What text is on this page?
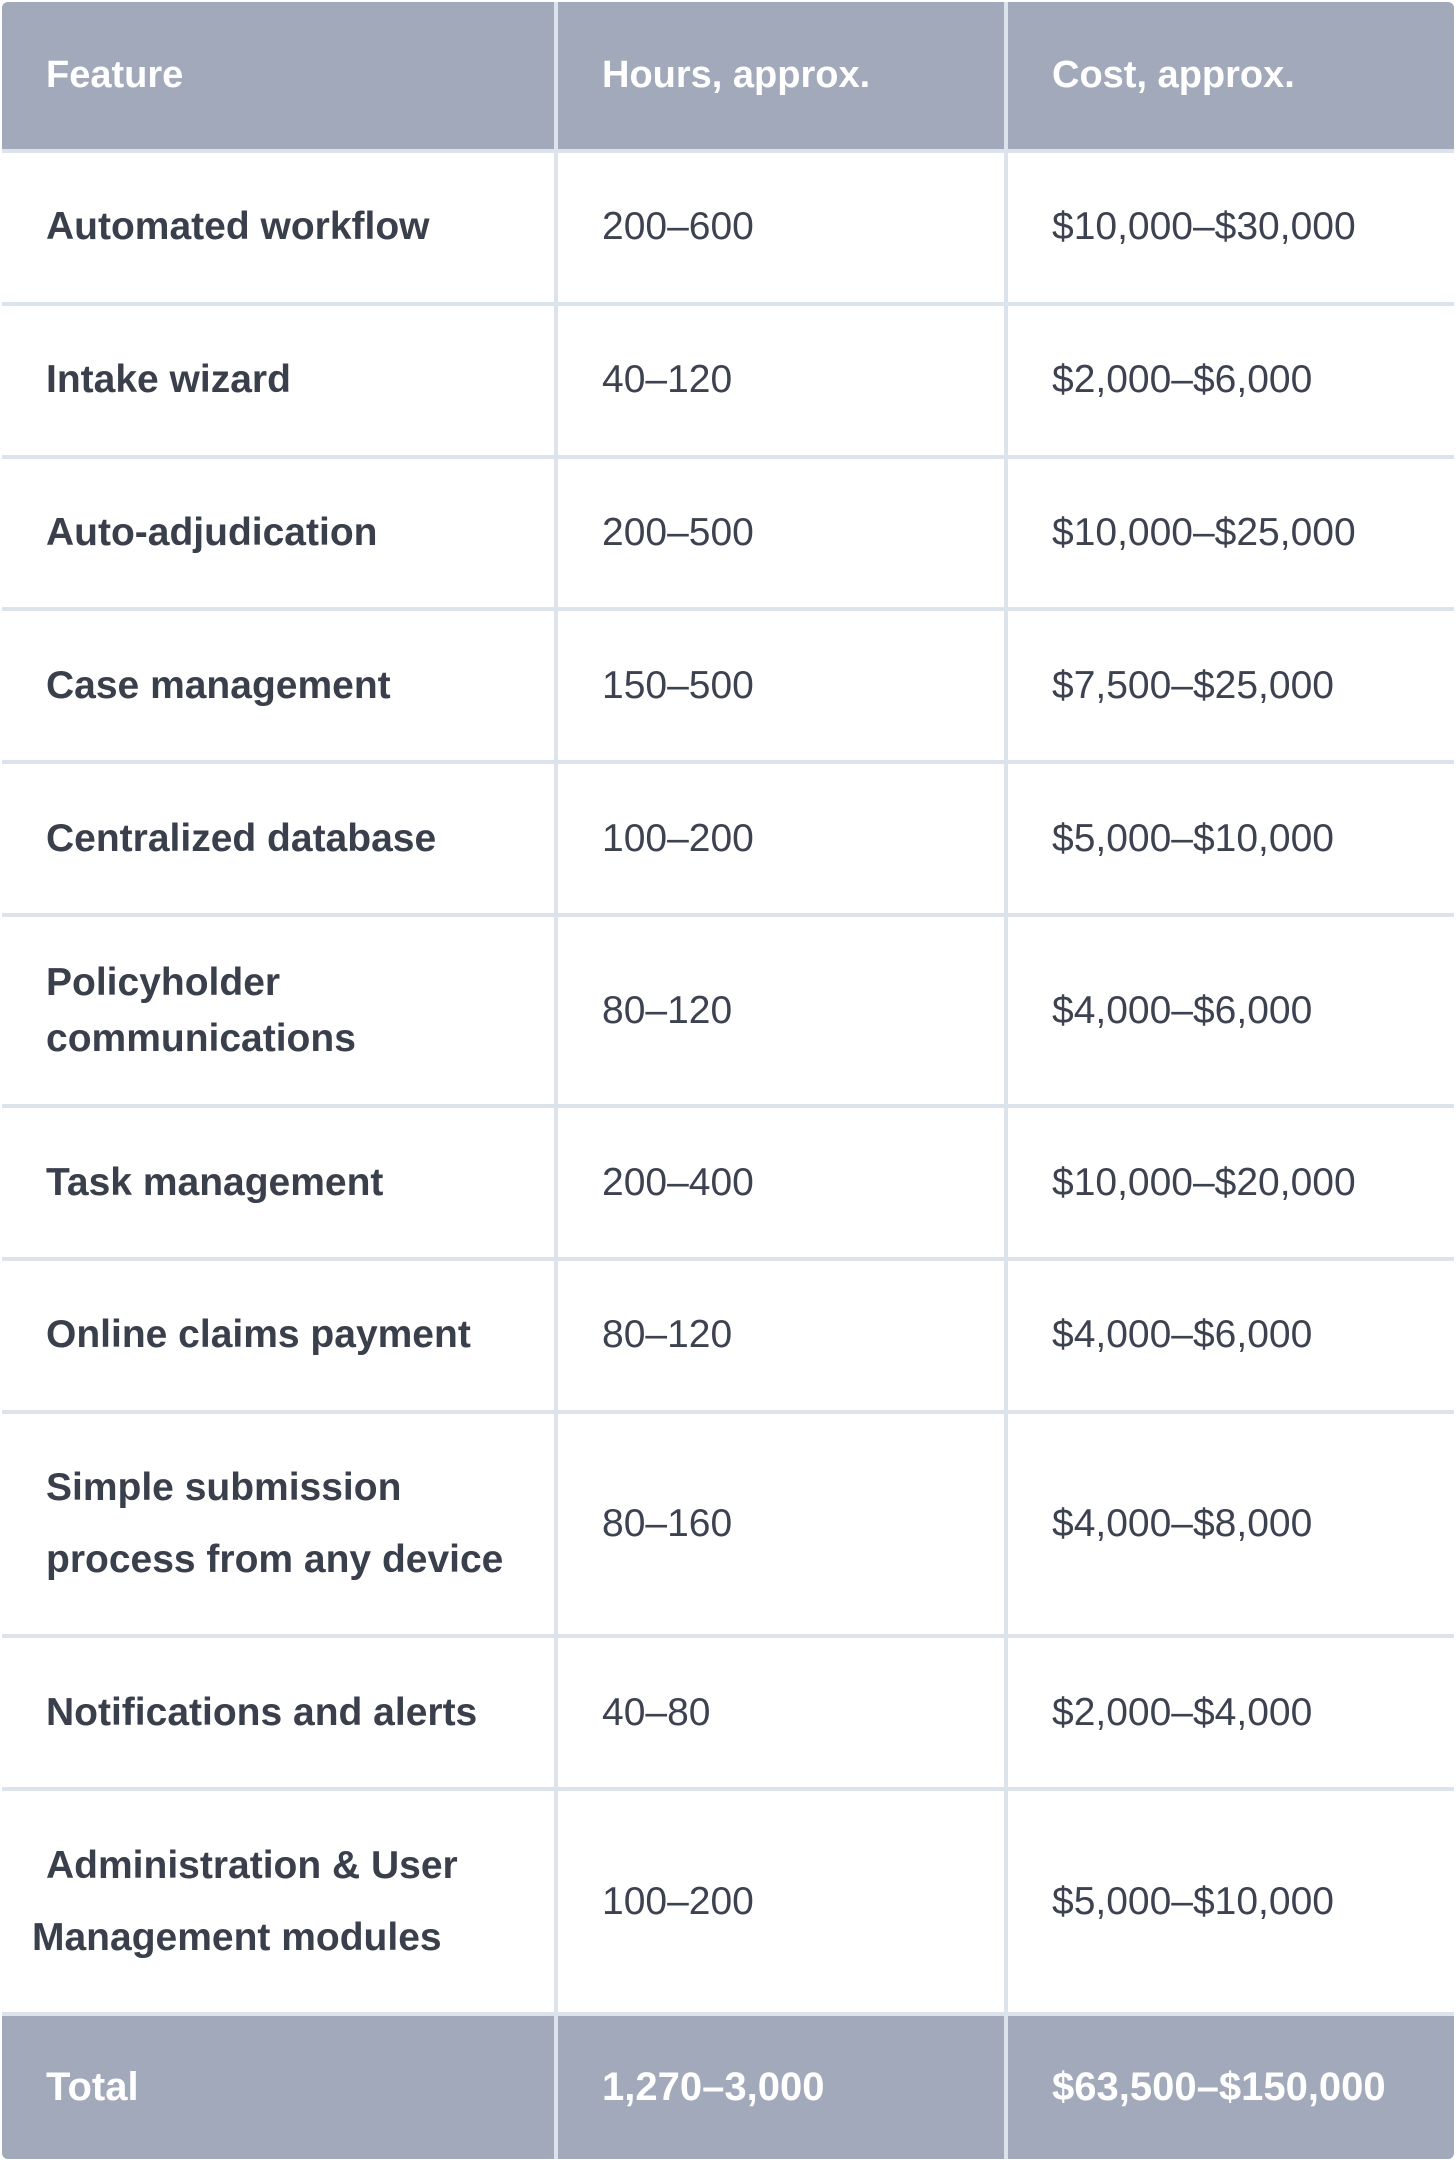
Feature	Hours, approx.	Cost, approx.

Automated workflow	200–600	$10,000–$30,000

Intake wizard	40–120	$2,000–$6,000

Auto-adjudication	200–500	$10,000–$25,000

Case management	150–500	$7,500–$25,000

Centralized database	100–200	$5,000–$10,000

Policyholder
communications	80–120	$4,000–$6,000

Task management	200–400	$10,000–$20,000

Online claims payment	80–120	$4,000–$6,000

Simple submission
process from any device	80–160	$4,000–$8,000

Notifications and alerts	40–80	$2,000–$4,000

Administration & User
Management modules	100–200	$5,000–$10,000
Total	1,270–3,000	$63,500–$150,000
